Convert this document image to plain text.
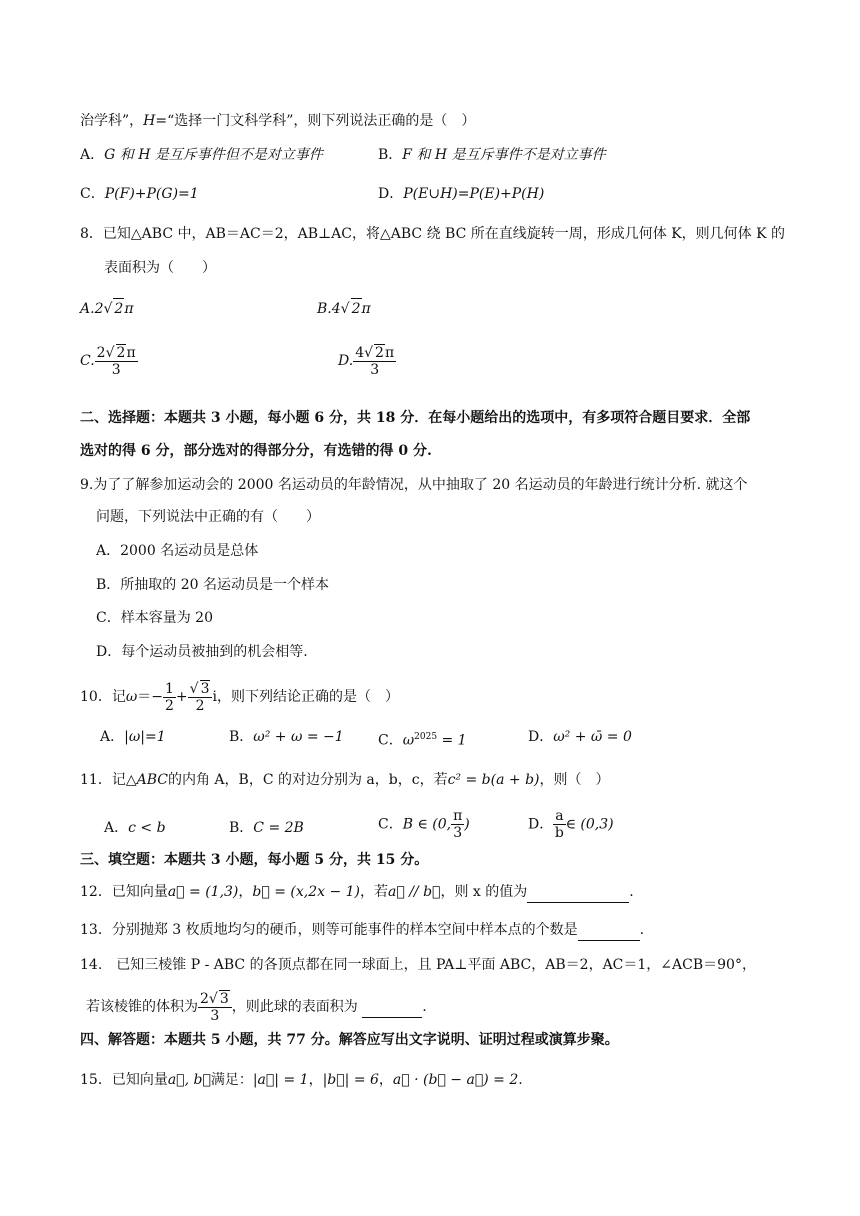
治学科”，H=“选择一门文科学科”，则下列说法正确的是（　）
A．G 和 H 是互斥事件但不是对立事件	B．F 和 H 是互斥事件不是对立事件
C．P(F)+P(G)=1	D．P(E∪H)=P(E)+P(H)
8．已知△ABC 中，AB＝AC＝2，AB⊥AC，将△ABC 绕 BC 所在直线旋转一周，形成几何体 K，则几何体 K 的
表面积为（　　）
A.2√ 2π	B.4√ 2π
C. $\frac{2√ 2\pi}{3}$	D. $\frac{4√ 2\pi}{3}$
二、选择题：本题共 3 小题，每小题 6 分，共 18 分．在每小题给出的选项中，有多项符合题目要求．全部
选对的得 6 分，部分选对的得部分分，有选错的得 0 分.
9.为了了解参加运动会的 2000 名运动员的年龄情况，从中抽取了 20 名运动员的年龄进行统计分析. 就这个
问题，下列说法中正确的有（　　）
A．2000 名运动员是总体
B．所抽取的 20 名运动员是一个样本
C．样本容量为 20
D．每个运动员被抽到的机会相等.
10．记$\omega=- \frac{1}{2} + \frac{√ 3}{2}$ i，则下列结论正确的是（　）
A．|ω|=1	B．ω² + ω = −1 C．$\omega^{2025} = 1$	D．ω² + ω̄ = 0
11．记△ABC的内角 A，B，C 的对边分别为 a，b，c，若c² = b(a + b)，则（　）
A．c < b	B．C = 2B	C．B ∈ (0, $\frac{\pi}{3}$ )	D． $\frac{a}{b}$ ∈ (0,3)
三、填空题：本题共 3 小题，每小题 5 分，共 15 分。
12．已知向量a⃗ = (1,3)，b⃗ = (x,2x − 1)，若a⃗ // b⃗，则 x 的值为	.
13．分别抛郑 3 枚质地均匀的硬币，则等可能事件的样本空间中样本点的个数是	.
14.　已知三棱锥 P - ABC 的各顶点都在同一球面上，且 PA⊥平面 ABC，AB＝2，AC＝1，∠ACB＝90°，
若该棱锥的体积为 $\frac{2√ 3}{3}$ ，则此球的表面积为	.
四、解答题：本题共 5 小题，共 77 分。解答应写出文字说明、证明过程或演算步聚。
15．已知向量a⃗, b⃗满足：|a⃗| = 1，|b⃗| = 6，a⃗ · (b⃗ − a⃗) = 2.
